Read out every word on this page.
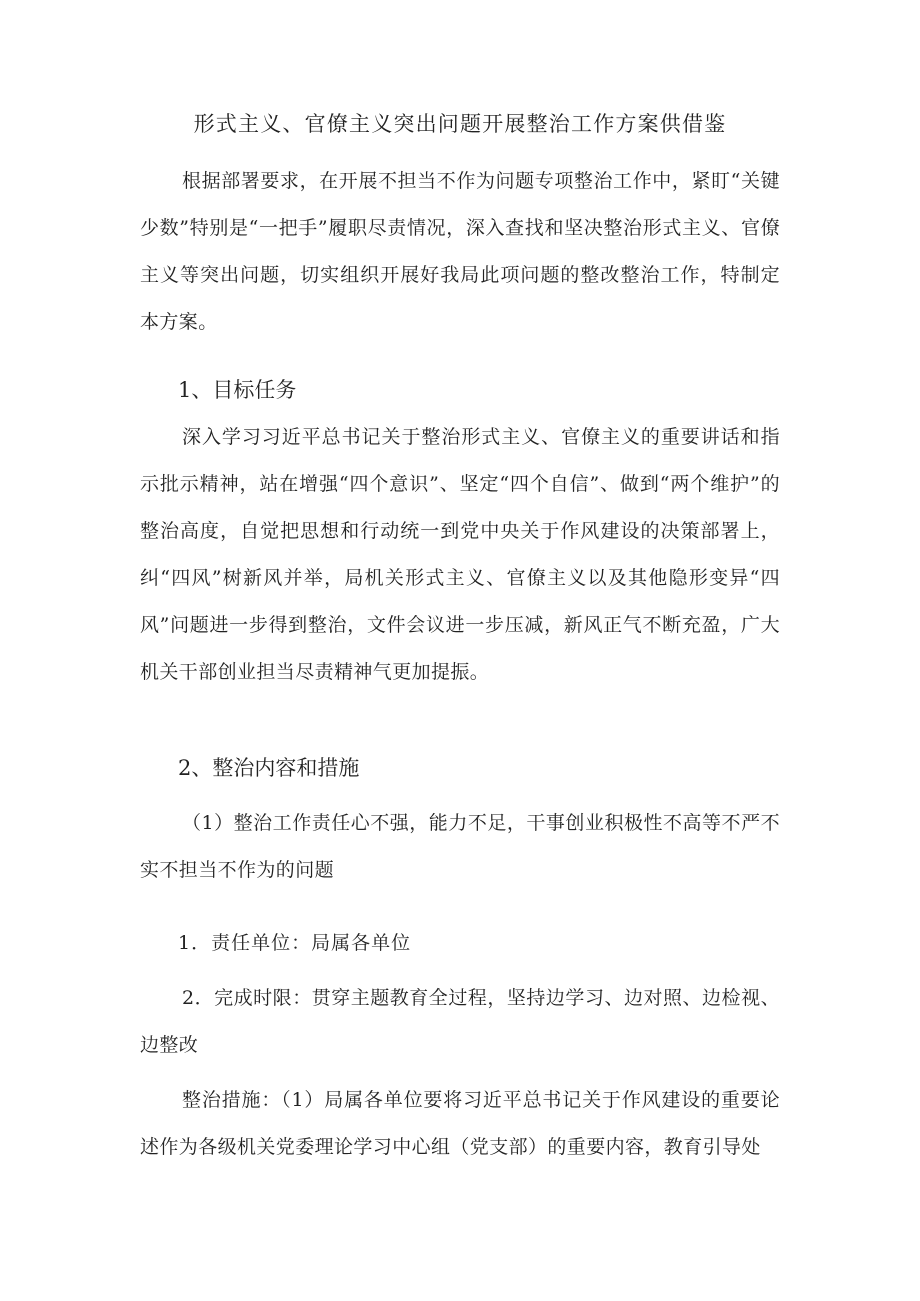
形式主义、官僚主义突出问题开展整治工作方案供借鉴
根据部署要求，在开展不担当不作为问题专项整治工作中，紧盯“关键少数”特别是“一把手”履职尽责情况，深入查找和坚决整治形式主义、官僚主义等突出问题，切实组织开展好我局此项问题的整改整治工作，特制定本方案。
1、目标任务
深入学习习近平总书记关于整治形式主义、官僚主义的重要讲话和指示批示精神，站在增强“四个意识”、坚定“四个自信”、做到“两个维护”的整治高度，自觉把思想和行动统一到党中央关于作风建设的决策部署上，纠“四风”树新风并举，局机关形式主义、官僚主义以及其他隐形变异“四风”问题进一步得到整治，文件会议进一步压减，新风正气不断充盈，广大机关干部创业担当尽责精神气更加提振。
2、整治内容和措施
（1）整治工作责任心不强，能力不足，干事创业积极性不高等不严不实不担当不作为的问题
1．责任单位：局属各单位
2．完成时限：贯穿主题教育全过程，坚持边学习、边对照、边检视、边整改
整治措施：（1）局属各单位要将习近平总书记关于作风建设的重要论述作为各级机关党委理论学习中心组（党支部）的重要内容，教育引导处
